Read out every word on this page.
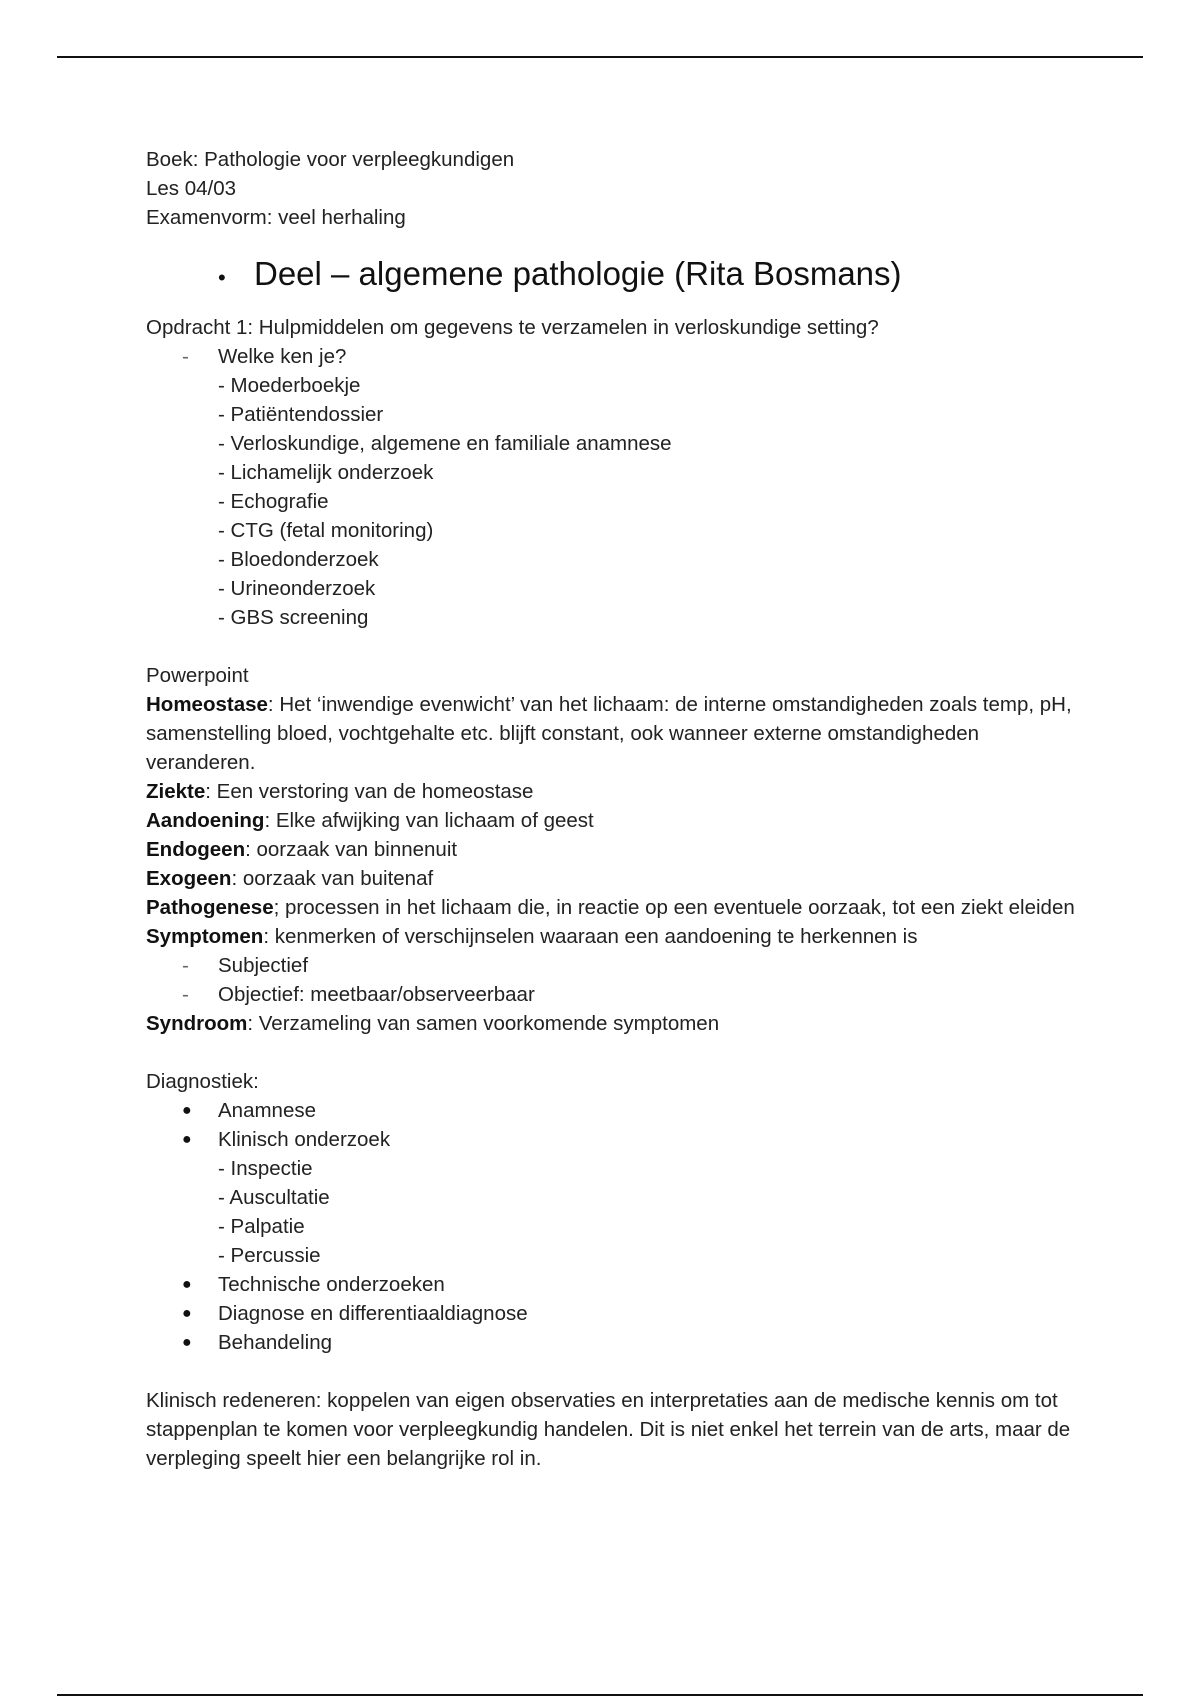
Boek: Pathologie voor verpleegkundigen
Les 04/03
Examenvorm: veel herhaling
• Deel – algemene pathologie (Rita Bosmans)
Opdracht 1: Hulpmiddelen om gegevens te verzamelen in verloskundige setting?
-	Welke ken je?
- Moederboekje
- Patiëntendossier
- Verloskundige, algemene en familiale anamnese
- Lichamelijk onderzoek
- Echografie
- CTG (fetal monitoring)
- Bloedonderzoek
- Urineonderzoek
- GBS screening
Powerpoint
Homeostase: Het ‘inwendige evenwicht’ van het lichaam: de interne omstandigheden zoals temp, pH, samenstelling bloed, vochtgehalte etc. blijft constant, ook wanneer externe omstandigheden veranderen.
Ziekte: Een verstoring van de homeostase
Aandoening: Elke afwijking van lichaam of geest
Endogeen: oorzaak van binnenuit
Exogeen: oorzaak van buitenaf
Pathogenese; processen in het lichaam die, in reactie op een eventuele oorzaak, tot een ziekt eleiden
Symptomen: kenmerken of verschijnselen waaraan een aandoening te herkennen is
-	Subjectief
-	Objectief: meetbaar/observeerbaar
Syndroom: Verzameling van samen voorkomende symptomen
Diagnostiek:
●	Anamnese
●	Klinisch onderzoek
- Inspectie
- Auscultatie
- Palpatie
- Percussie
●	Technische onderzoeken
●	Diagnose en differentiaaldiagnose
●	Behandeling
Klinisch redeneren: koppelen van eigen observaties en interpretaties aan de medische kennis om tot stappenplan te komen voor verpleegkundig handelen. Dit is niet enkel het terrein van de arts, maar de verpleging speelt hier een belangrijke rol in.
